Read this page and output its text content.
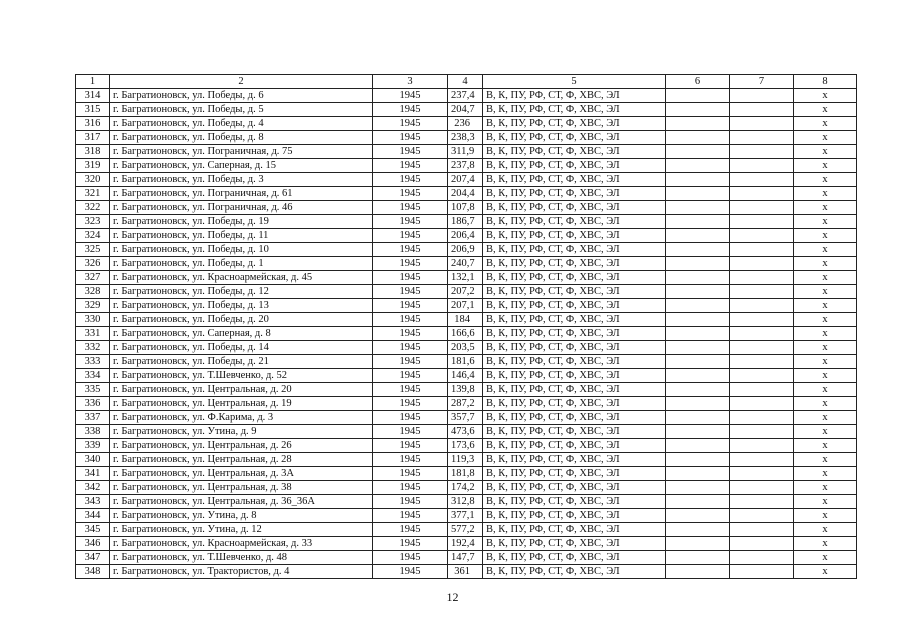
1	2	3	4	5	6	7	8
314	г. Багратионовск, ул. Победы, д. 6	1945	237,4	В, К, ПУ, РФ, СТ, Ф, ХВС, ЭЛ			x
315	г. Багратионовск, ул. Победы, д. 5	1945	204,7	В, К, ПУ, РФ, СТ, Ф, ХВС, ЭЛ			x
316	г. Багратионовск, ул. Победы, д. 4	1945	236	В, К, ПУ, РФ, СТ, Ф, ХВС, ЭЛ			x
317	г. Багратионовск, ул. Победы, д. 8	1945	238,3	В, К, ПУ, РФ, СТ, Ф, ХВС, ЭЛ			x
318	г. Багратионовск, ул. Пограничная, д. 75	1945	311,9	В, К, ПУ, РФ, СТ, Ф, ХВС, ЭЛ			x
319	г. Багратионовск, ул. Саперная, д. 15	1945	237,8	В, К, ПУ, РФ, СТ, Ф, ХВС, ЭЛ			x
320	г. Багратионовск, ул. Победы, д. 3	1945	207,4	В, К, ПУ, РФ, СТ, Ф, ХВС, ЭЛ			x
321	г. Багратионовск, ул. Пограничная, д. 61	1945	204,4	В, К, ПУ, РФ, СТ, Ф, ХВС, ЭЛ			x
322	г. Багратионовск, ул. Пограничная, д. 46	1945	107,8	В, К, ПУ, РФ, СТ, Ф, ХВС, ЭЛ			x
323	г. Багратионовск, ул. Победы, д. 19	1945	186,7	В, К, ПУ, РФ, СТ, Ф, ХВС, ЭЛ			x
324	г. Багратионовск, ул. Победы, д. 11	1945	206,4	В, К, ПУ, РФ, СТ, Ф, ХВС, ЭЛ			x
325	г. Багратионовск, ул. Победы, д. 10	1945	206,9	В, К, ПУ, РФ, СТ, Ф, ХВС, ЭЛ			x
326	г. Багратионовск, ул. Победы, д. 1	1945	240,7	В, К, ПУ, РФ, СТ, Ф, ХВС, ЭЛ			x
327	г. Багратионовск, ул. Красноармейская, д. 45	1945	132,1	В, К, ПУ, РФ, СТ, Ф, ХВС, ЭЛ			x
328	г. Багратионовск, ул. Победы, д. 12	1945	207,2	В, К, ПУ, РФ, СТ, Ф, ХВС, ЭЛ			x
329	г. Багратионовск, ул. Победы, д. 13	1945	207,1	В, К, ПУ, РФ, СТ, Ф, ХВС, ЭЛ			x
330	г. Багратионовск, ул. Победы, д. 20	1945	184	В, К, ПУ, РФ, СТ, Ф, ХВС, ЭЛ			x
331	г. Багратионовск, ул. Саперная, д. 8	1945	166,6	В, К, ПУ, РФ, СТ, Ф, ХВС, ЭЛ			x
332	г. Багратионовск, ул. Победы, д. 14	1945	203,5	В, К, ПУ, РФ, СТ, Ф, ХВС, ЭЛ			x
333	г. Багратионовск, ул. Победы, д. 21	1945	181,6	В, К, ПУ, РФ, СТ, Ф, ХВС, ЭЛ			x
334	г. Багратионовск, ул. Т.Шевченко, д. 52	1945	146,4	В, К, ПУ, РФ, СТ, Ф, ХВС, ЭЛ			x
335	г. Багратионовск, ул. Центральная, д. 20	1945	139,8	В, К, ПУ, РФ, СТ, Ф, ХВС, ЭЛ			x
336	г. Багратионовск, ул. Центральная, д. 19	1945	287,2	В, К, ПУ, РФ, СТ, Ф, ХВС, ЭЛ			x
337	г. Багратионовск, ул. Ф.Карима, д. 3	1945	357,7	В, К, ПУ, РФ, СТ, Ф, ХВС, ЭЛ			x
338	г. Багратионовск, ул. Утина, д. 9	1945	473,6	В, К, ПУ, РФ, СТ, Ф, ХВС, ЭЛ			x
339	г. Багратионовск, ул. Центральная, д. 26	1945	173,6	В, К, ПУ, РФ, СТ, Ф, ХВС, ЭЛ			x
340	г. Багратионовск, ул. Центральная, д. 28	1945	119,3	В, К, ПУ, РФ, СТ, Ф, ХВС, ЭЛ			x
341	г. Багратионовск, ул. Центральная, д. 3А	1945	181,8	В, К, ПУ, РФ, СТ, Ф, ХВС, ЭЛ			x
342	г. Багратионовск, ул. Центральная, д. 38	1945	174,2	В, К, ПУ, РФ, СТ, Ф, ХВС, ЭЛ			x
343	г. Багратионовск, ул. Центральная, д. 36_36А	1945	312,8	В, К, ПУ, РФ, СТ, Ф, ХВС, ЭЛ			x
344	г. Багратионовск, ул. Утина, д. 8	1945	377,1	В, К, ПУ, РФ, СТ, Ф, ХВС, ЭЛ			x
345	г. Багратионовск, ул. Утина, д. 12	1945	577,2	В, К, ПУ, РФ, СТ, Ф, ХВС, ЭЛ			x
346	г. Багратионовск, ул. Красноармейская, д. 33	1945	192,4	В, К, ПУ, РФ, СТ, Ф, ХВС, ЭЛ			x
347	г. Багратионовск, ул. Т.Шевченко, д. 48	1945	147,7	В, К, ПУ, РФ, СТ, Ф, ХВС, ЭЛ			x
348	г. Багратионовск, ул. Трактористов, д. 4	1945	361	В, К, ПУ, РФ, СТ, Ф, ХВС, ЭЛ			x
12
